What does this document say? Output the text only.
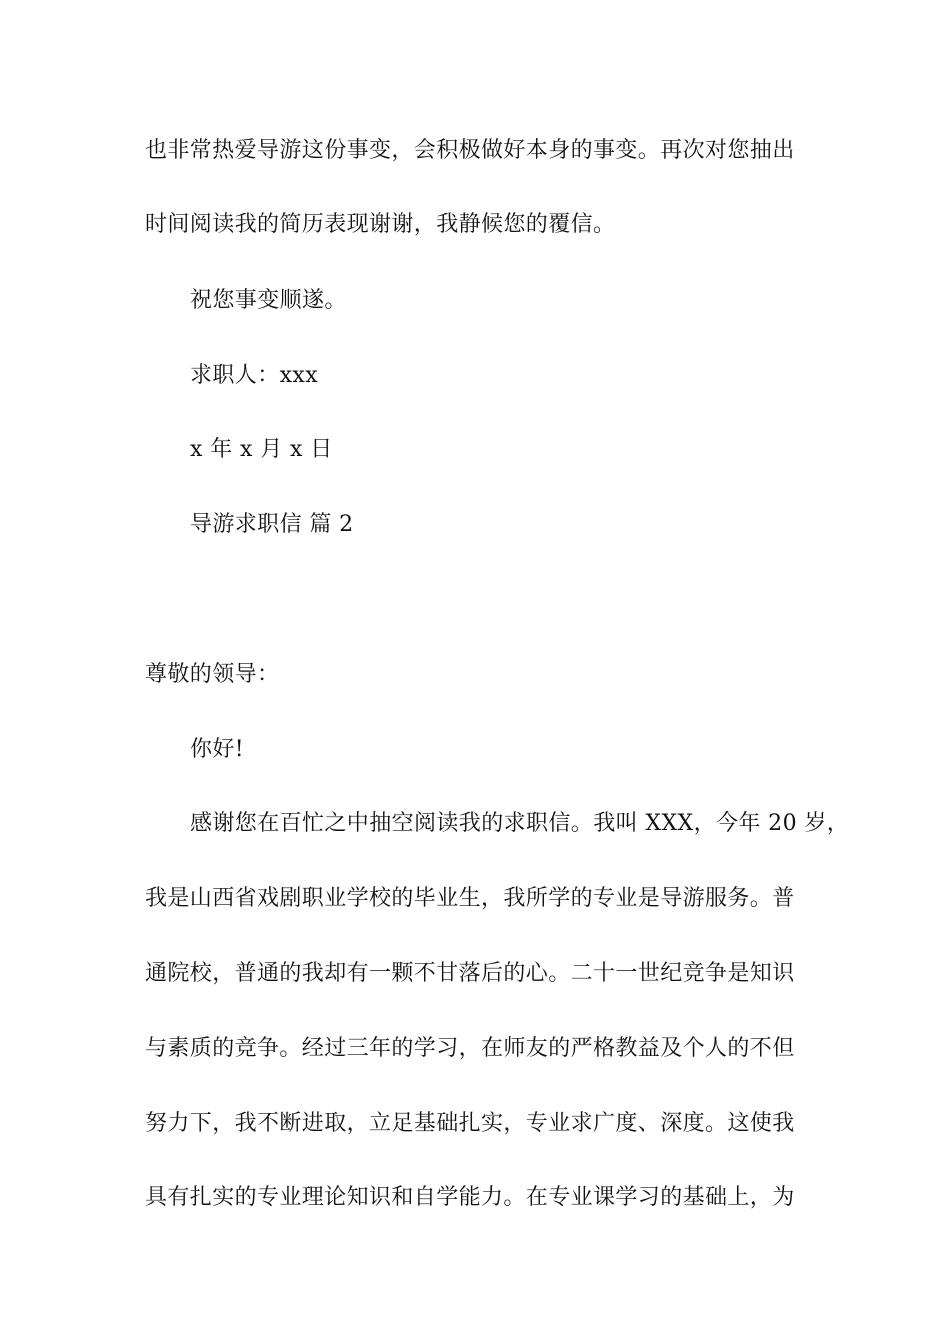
也非常热爱导游这份事变，会积极做好本身的事变。再次对您抽出
时间阅读我的简历表现谢谢，我静候您的覆信。
祝您事变顺遂。
求职人：xxx
x 年 x 月 x 日
导游求职信 篇 2
尊敬的领导：
你好!
感谢您在百忙之中抽空阅读我的求职信。我叫 XXX，今年 20 岁，
我是山西省戏剧职业学校的毕业生，我所学的专业是导游服务。普
通院校，普通的我却有一颗不甘落后的心。二十一世纪竞争是知识
与素质的竞争。经过三年的学习，在师友的严格教益及个人的不但
努力下，我不断进取，立足基础扎实，专业求广度、深度。这使我
具有扎实的专业理论知识和自学能力。在专业课学习的基础上，为
